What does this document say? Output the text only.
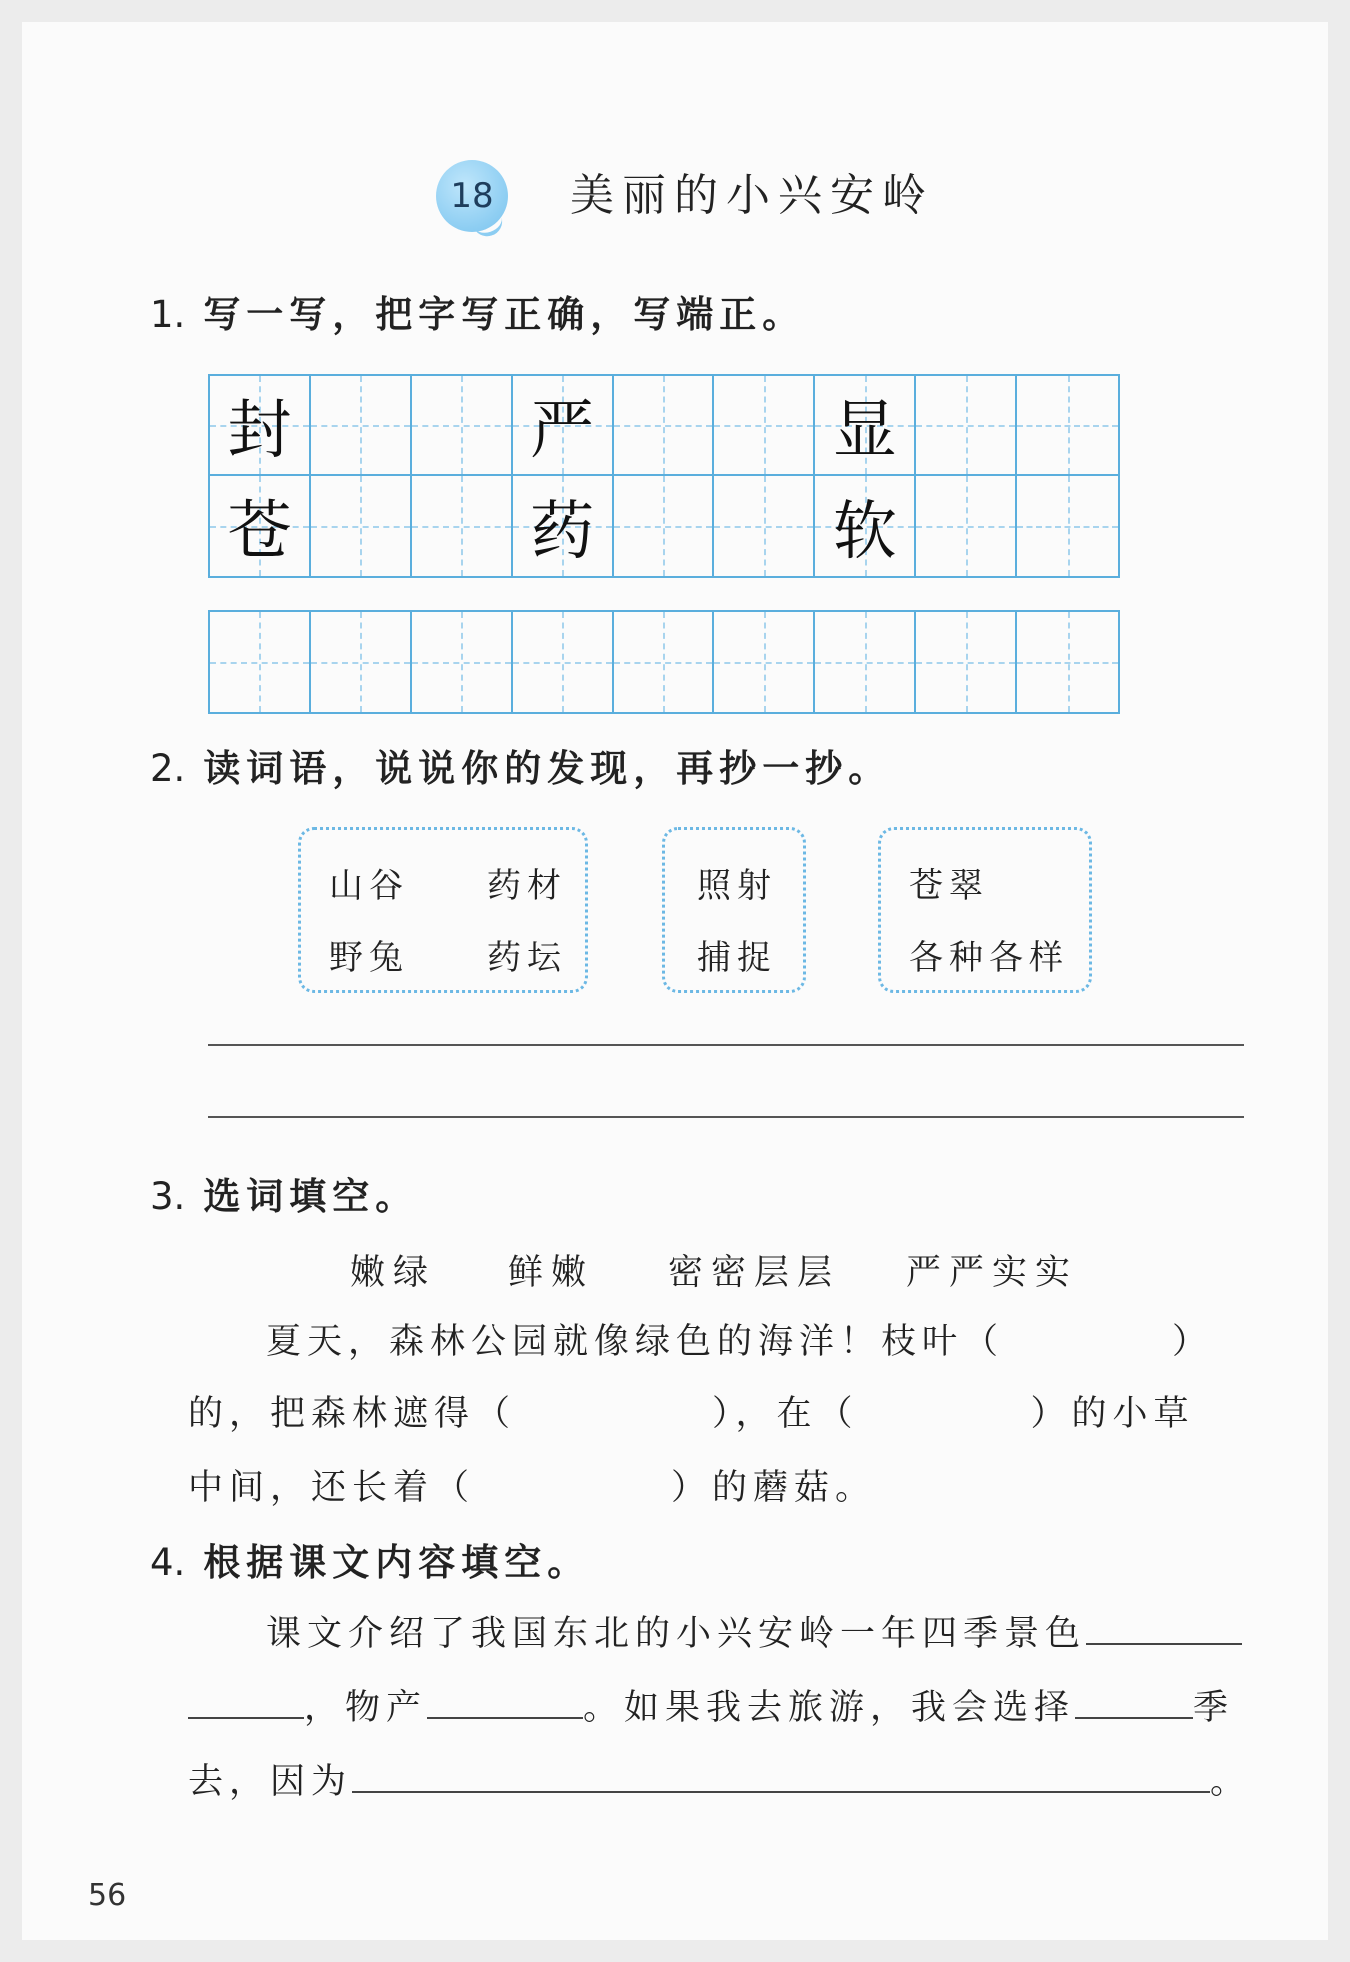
18 美丽的小兴安岭
1. 写一写，把字写正确，写端正。
封	严	显
苍	药	软
2. 读词语，说说你的发现，再抄一抄。
山谷 药材
野兔 药坛
照射
捕捉
苍翠
各种各样
3. 选词填空。
嫩绿 鲜嫩 密密层层 严严实实
夏天，森林公园就像绿色的海洋！枝叶（	）
的，把森林遮得（	），在（	）的小草
中间，还长着（	）的蘑菇。
4. 根据课文内容填空。
课文介绍了我国东北的小兴安岭一年四季景色
，物产	。如果我去旅游，我会选择	季
去，因为	。
56
